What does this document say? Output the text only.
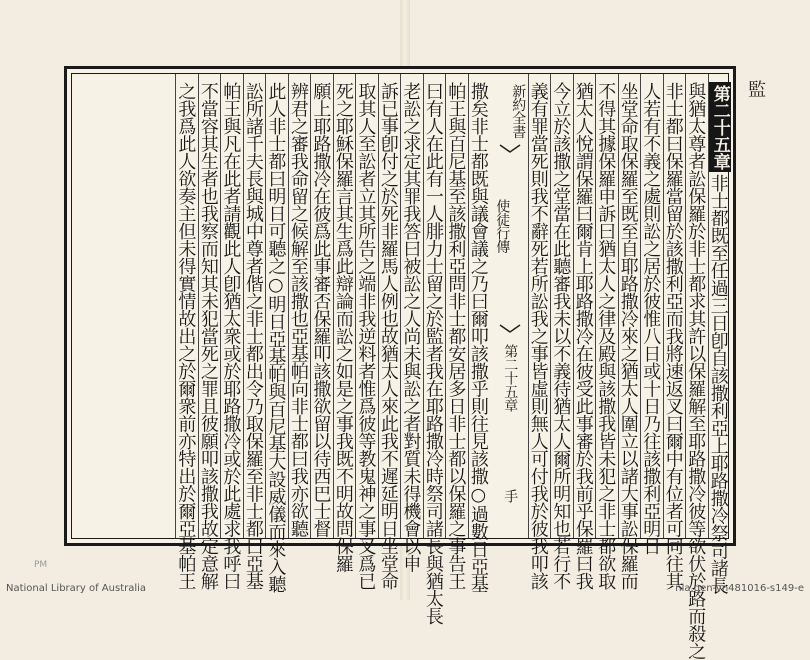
第二十五章
非士都既至任過三日卽自該撒利亞上耶路撒冷祭司諸長
與猶太尊者訟保羅於非士都求其許以保羅解至耶路撒冷彼等欲伏於路而殺之
非士都曰保羅當留於該撒利亞而我將速返叉曰爾中有位者可同往其
人若有不義之處則訟之居於彼惟八日或十日乃往該撒利亞明日
坐堂命取保羅至既至自耶路撒冷來之猶太人圍立以諸大事訟保羅而
不得其據保羅申訴曰猶太人之律及殿與該撒我皆未犯之非士都欲取
猶太人悅謂保羅曰爾肯上耶路撒冷在彼受此事審於我前乎保羅曰我
今立於該撒之堂當在此聽審我未以不義待猶太人爾所明知也若行不
義有罪當死則我不辭死若所訟我之事皆虛則無人可付我於彼我叩該
新約全書
使徒行傳
第二十五章
手
撒矣非士都既與議會議之乃曰爾叩該撒乎則往見該撒○過數日亞基
帕王與百尼基至該撒利亞問非士都安居多日非士都以保羅之事告王
曰有人在此有一人腓力士留之於監者我在耶路撒冷時祭司諸長與猶太長
老訟之求定其罪我答曰被訟之人尚未與訟之者對質未得機會以申
訴已事卽付之於死非羅馬人例也故猶太人來此我不遲延明日坐堂命
取其人至訟者立其所告之端非我逆料者惟爲彼等教鬼神之事叉爲已
死之耶穌保羅言其生爲此辯論而訟之如是之事我既不明故問保羅
願上耶路撒冷在彼爲此事審否保羅叩該撒欲留以待西巴士督
辨君之審我命留之候解至該撒也亞基帕向非士都曰我亦欲聽
此人非士都曰明日可聽之○明日亞基帕與百尼基大設威儀而來入聽
訟所諸千夫長與城中尊者偕之非士都出令乃取保羅至非士都曰亞基
帕王與凡在此者請觀此人卽猶太衆或於耶路撒冷或於此處求我呼曰
不當容其生者也我察而知其未犯當死之罪且彼願叩該撒我故定意解
之我爲此人欲奏主但未得實情故出之於爾衆前亦特出於爾亞基帕王	監
PM
National Library of Australia	nla.gen-vn481016-s149-e
